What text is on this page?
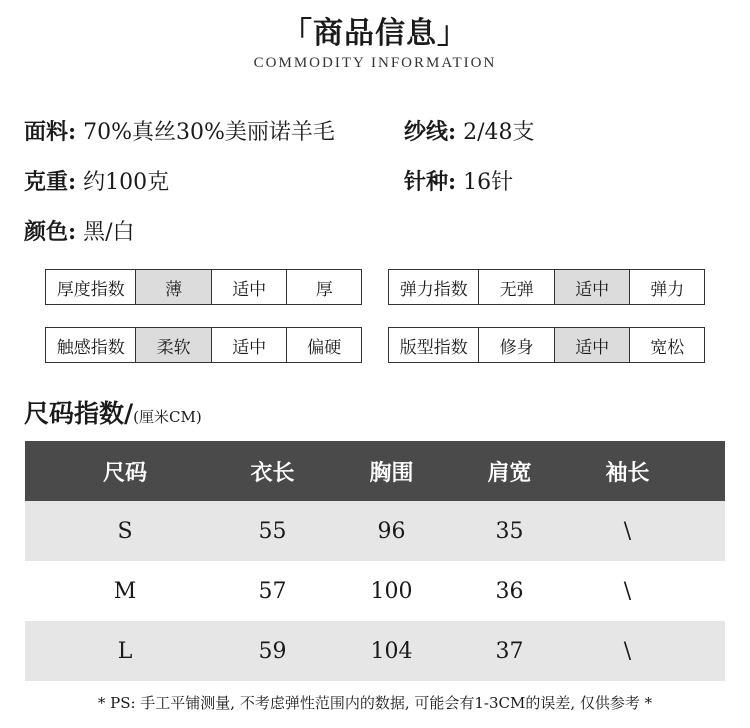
「商品信息」
COMMODITY INFORMATION
面料: 70%真丝30%美丽诺羊毛	纱线: 2/48支
克重: 约100克	针种: 16针
颜色: 黑/白
厚度指数	薄	适中	厚	弹力指数	无弹	适中	弹力
触感指数	柔软	适中	偏硬	版型指数	修身	适中	宽松
尺码指数/(厘米CM)
尺码	衣长	胸围	肩宽	袖长
S	55	96	35	\
M	57	100	36	\
L	59	104	37	\
* PS: 手工平铺测量, 不考虑弹性范围内的数据, 可能会有1-3CM的误差, 仅供参考 *
